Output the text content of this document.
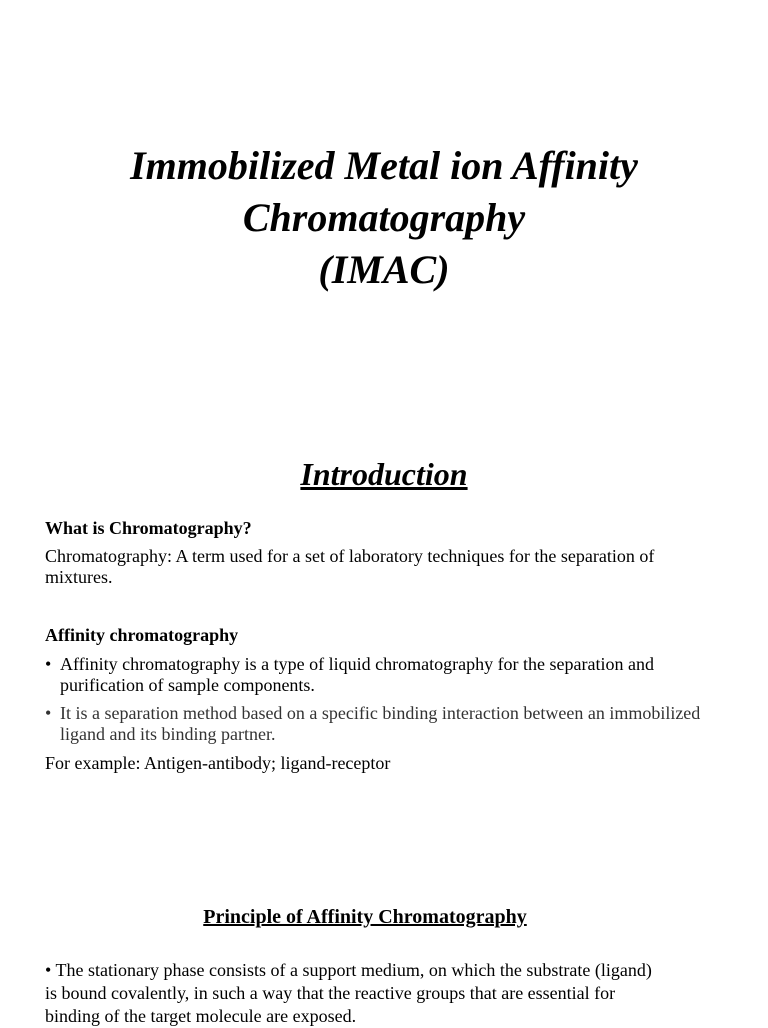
Immobilized Metal ion Affinity
Chromatography
(IMAC)
Introduction
What is Chromatography?
Chromatography: A term used for a set of laboratory techniques for the separation of mixtures.
Affinity chromatography
• Affinity chromatography is a type of liquid chromatography for the separation and purification of sample components.
• It is a separation method based on a specific binding interaction between an immobilized ligand and its binding partner.
For example: Antigen-antibody; ligand-receptor
Principle of Affinity Chromatography
• The stationary phase consists of a support medium, on which the substrate (ligand) is bound covalently, in such a way that the reactive groups that are essential for binding of the target molecule are exposed.
